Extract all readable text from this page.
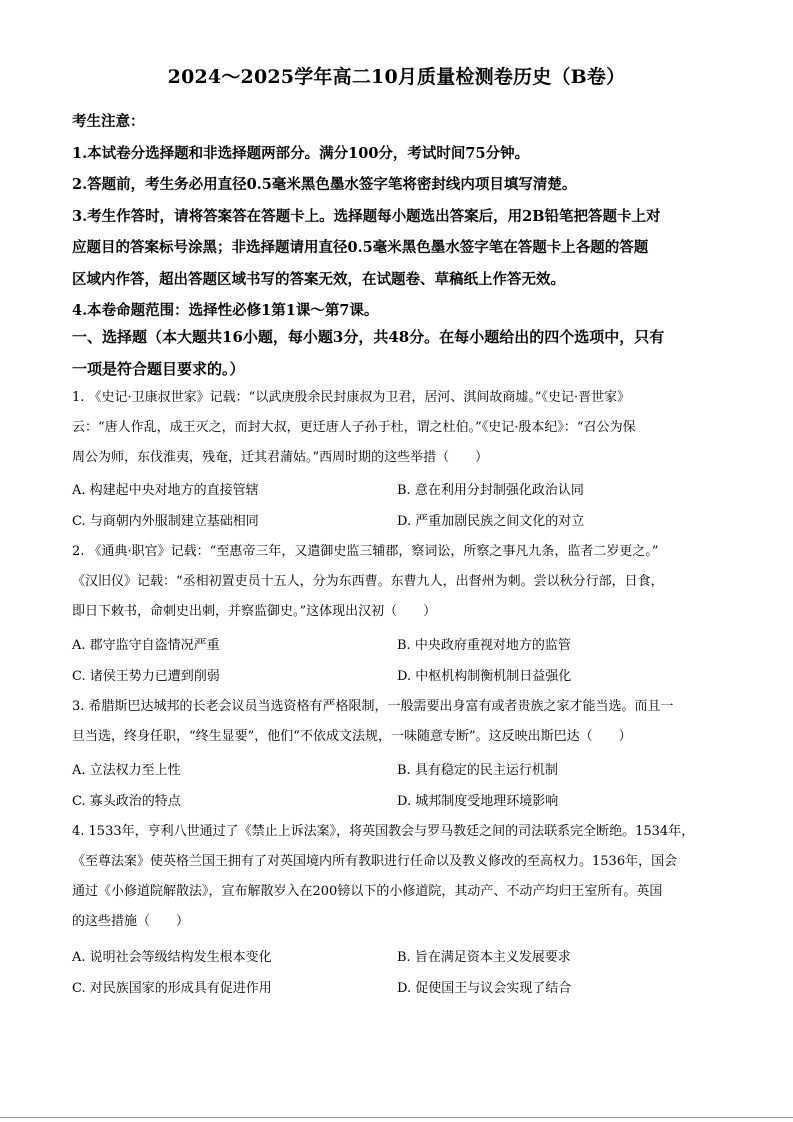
2024～2025学年高二10月质量检测卷历史（B卷）
考生注意：
1.本试卷分选择题和非选择题两部分。满分100分，考试时间75分钟。
2.答题前，考生务必用直径0.5毫米黑色墨水签字笔将密封线内项目填写清楚。
3.考生作答时，请将答案答在答题卡上。选择题每小题选出答案后，用2B铅笔把答题卡上对
应题目的答案标号涂黑；非选择题请用直径0.5毫米黑色墨水签字笔在答题卡上各题的答题
区域内作答，超出答题区域书写的答案无效，在试题卷、草稿纸上作答无效。
4.本卷命题范围：选择性必修1第1课～第7课。
一、选择题（本大题共16小题，每小题3分，共48分。在每小题给出的四个选项中，只有
一项是符合题目要求的。）
1. 《史记·卫康叔世家》记载：“以武庚殷余民封康叔为卫君，居河、淇间故商墟。”《史记·晋世家》
云：“唐人作乱，成王灭之，而封大叔，更迁唐人子孙于杜，谓之杜伯。”《史记·殷本纪》：“召公为保
周公为师，东伐淮夷，残奄，迁其君蒲姑。”西周时期的这些举措（　　）
A. 构建起中央对地方的直接管辖	B. 意在利用分封制强化政治认同
C. 与商朝内外服制建立基础相同	D. 严重加剧民族之间文化的对立
2. 《通典·职官》记载：“至惠帝三年，又遣御史监三辅郡，察词讼，所察之事凡九条，监者二岁更之。”
《汉旧仪》记载：“丞相初置吏员十五人，分为东西曹。东曹九人，出督州为刺。尝以秋分行部，日食，
即日下敕书，命刺史出刺，并察监御史。”这体现出汉初（　　）
A. 郡守监守自盗情况严重	B. 中央政府重视对地方的监管
C. 诸侯王势力已遭到削弱	D. 中枢机构制衡机制日益强化
3. 希腊斯巴达城邦的长老会议员当选资格有严格限制，一般需要出身富有或者贵族之家才能当选。而且一
旦当选，终身任职，“终生显要”，他们“不依成文法规，一味随意专断”。这反映出斯巴达（　　）
A. 立法权力至上性	B. 具有稳定的民主运行机制
C. 寡头政治的特点	D. 城邦制度受地理环境影响
4. 1533年，亨利八世通过了《禁止上诉法案》，将英国教会与罗马教廷之间的司法联系完全断绝。1534年，
《至尊法案》使英格兰国王拥有了对英国境内所有教职进行任命以及教义修改的至高权力。1536年，国会
通过《小修道院解散法》，宣布解散岁入在200镑以下的小修道院，其动产、不动产均归王室所有。英国
的这些措施（　　）
A. 说明社会等级结构发生根本变化	B. 旨在满足资本主义发展要求
C. 对民族国家的形成具有促进作用	D. 促使国王与议会实现了结合
